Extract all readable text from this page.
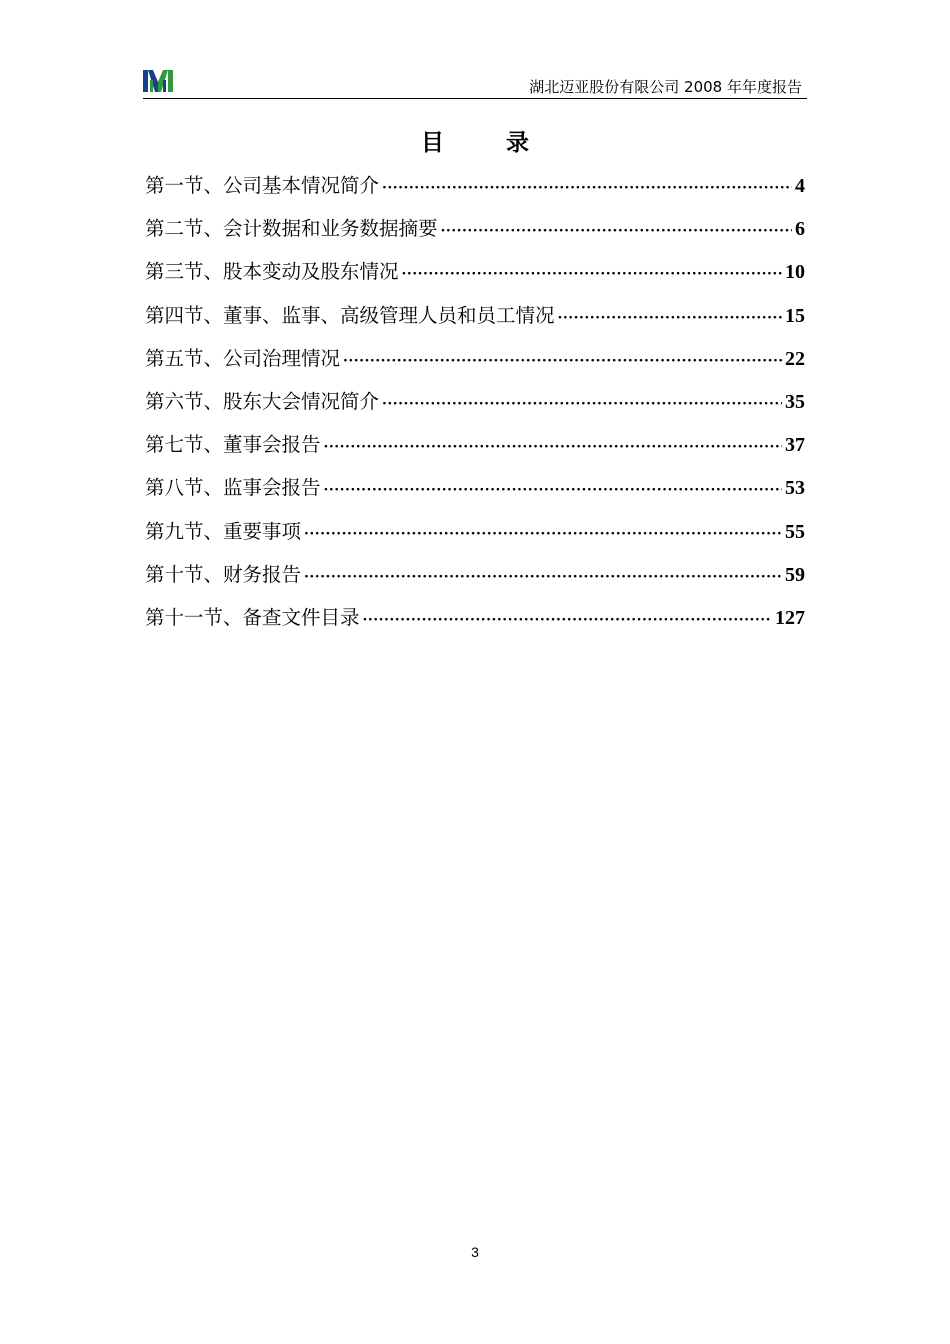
湖北迈亚股份有限公司 2008 年年度报告
目录
第一节、公司基本情况简介 ·····	4
第二节、会计数据和业务数据摘要 ·····	6
第三节、股本变动及股东情况 ·····	10
第四节、董事、监事、高级管理人员和员工情况 ·····	15
第五节、公司治理情况 ·····	22
第六节、股东大会情况简介 ·····	35
第七节、董事会报告 ·····	37
第八节、监事会报告 ·····	53
第九节、重要事项 ·····	55
第十节、财务报告 ·····	59
第十一节、备查文件目录 ·····	127
3
